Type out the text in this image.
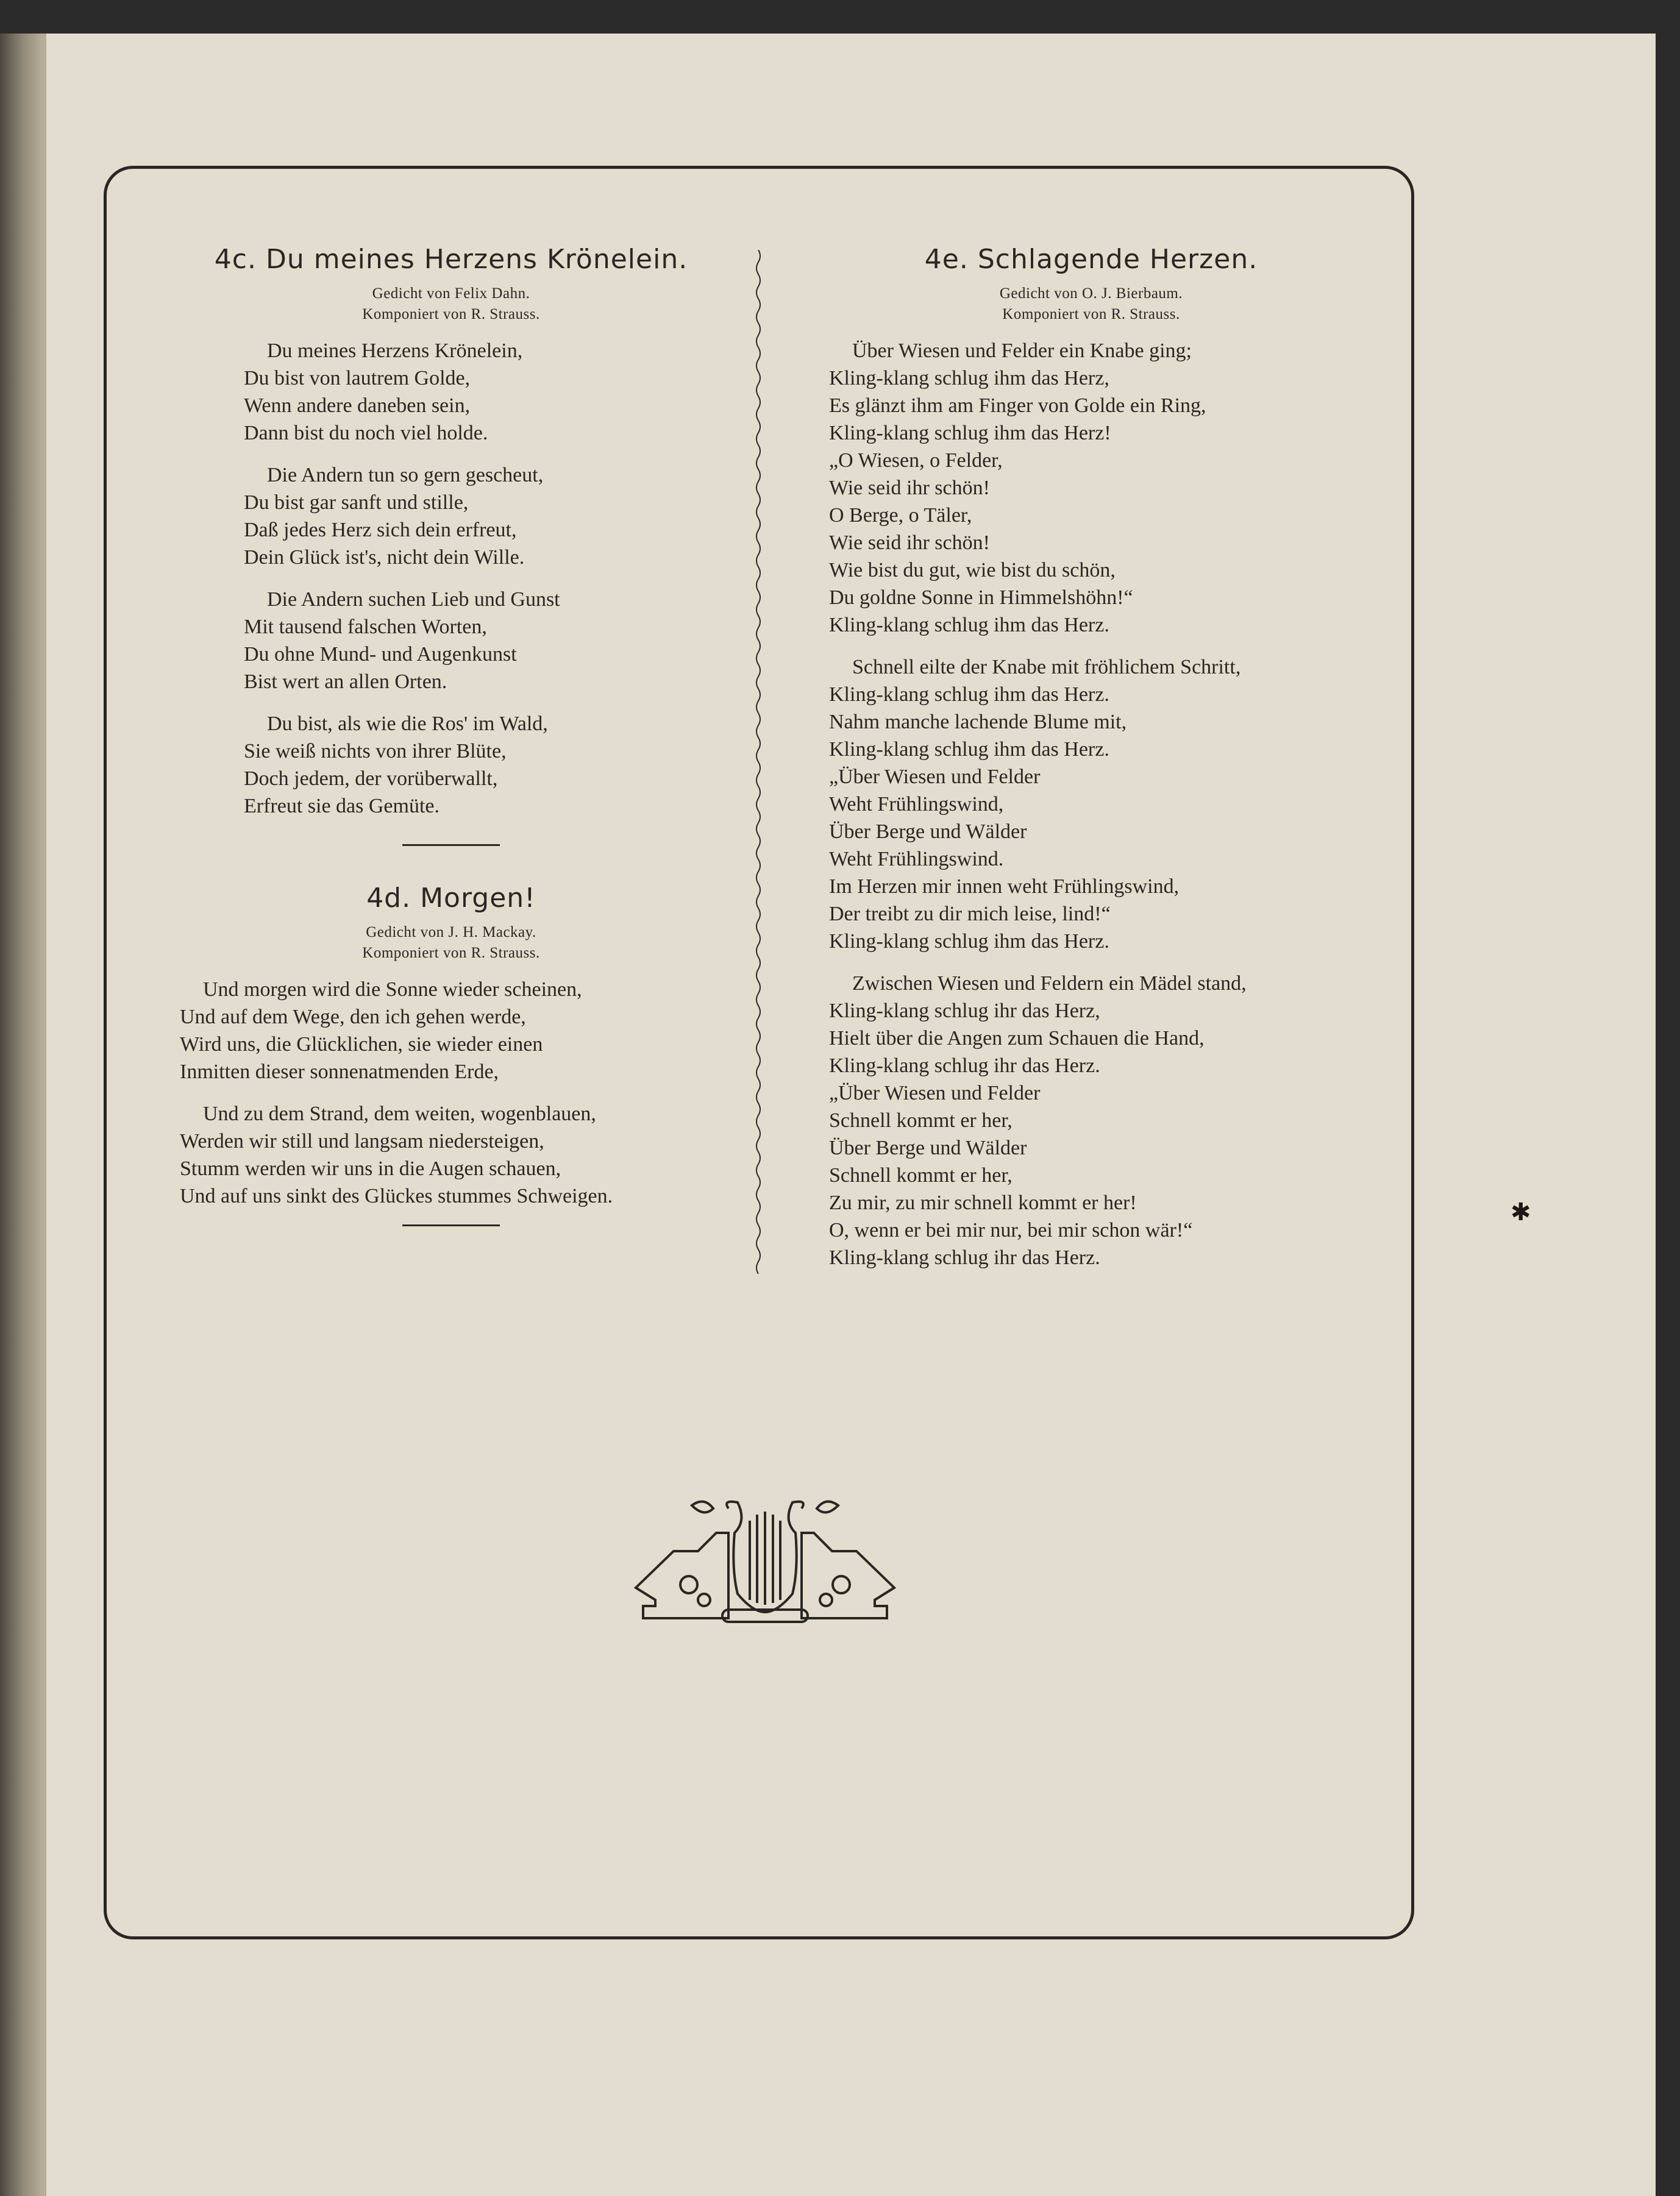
4c. Du meines Herzens Krönelein.

Gedicht von Felix Dahn.

Komponiert von R. Strauss.

Du meines Herzens Krönelein,
Du bist von lautrem Golde,
Wenn andere daneben sein,
Dann bist du noch viel holde.
Die Andern tun so gern gescheut,
Du bist gar sanft und stille,
Daß jedes Herz sich dein erfreut,
Dein Glück ist's, nicht dein Wille.
Die Andern suchen Lieb und Gunst
Mit tausend falschen Worten,
Du ohne Mund- und Augenkunst
Bist wert an allen Orten.
Du bist, als wie die Ros' im Wald,
Sie weiß nichts von ihrer Blüte,
Doch jedem, der vorüberwallt,
Erfreut sie das Gemüte.
4d. Morgen!

Gedicht von J. H. Mackay.

Komponiert von R. Strauss.

Und morgen wird die Sonne wieder scheinen,
Und auf dem Wege, den ich gehen werde,
Wird uns, die Glücklichen, sie wieder einen
Inmitten dieser sonnenatmenden Erde,
Und zu dem Strand, dem weiten, wogenblauen,
Werden wir still und langsam niedersteigen,
Stumm werden wir uns in die Augen schauen,
Und auf uns sinkt des Glückes stummes Schweigen.
4e. Schlagende Herzen.

Gedicht von O. J. Bierbaum.

Komponiert von R. Strauss.

Über Wiesen und Felder ein Knabe ging;
Kling-klang schlug ihm das Herz,
Es glänzt ihm am Finger von Golde ein Ring,
Kling-klang schlug ihm das Herz!
„O Wiesen, o Felder,
Wie seid ihr schön!
O Berge, o Täler,
Wie seid ihr schön!
Wie bist du gut, wie bist du schön,
Du goldne Sonne in Himmelshöhn!“
Kling-klang schlug ihm das Herz.
Schnell eilte der Knabe mit fröhlichem Schritt,
Kling-klang schlug ihm das Herz.
Nahm manche lachende Blume mit,
Kling-klang schlug ihm das Herz.
„Über Wiesen und Felder
Weht Frühlingswind,
Über Berge und Wälder
Weht Frühlingswind.
Im Herzen mir innen weht Frühlingswind,
Der treibt zu dir mich leise, lind!“
Kling-klang schlug ihm das Herz.
Zwischen Wiesen und Feldern ein Mädel stand,
Kling-klang schlug ihr das Herz,
Hielt über die Angen zum Schauen die Hand,
Kling-klang schlug ihr das Herz.
„Über Wiesen und Felder
Schnell kommt er her,
Über Berge und Wälder
Schnell kommt er her,
Zu mir, zu mir schnell kommt er her!
O, wenn er bei mir nur, bei mir schon wär!“
Kling-klang schlug ihr das Herz.
✱
